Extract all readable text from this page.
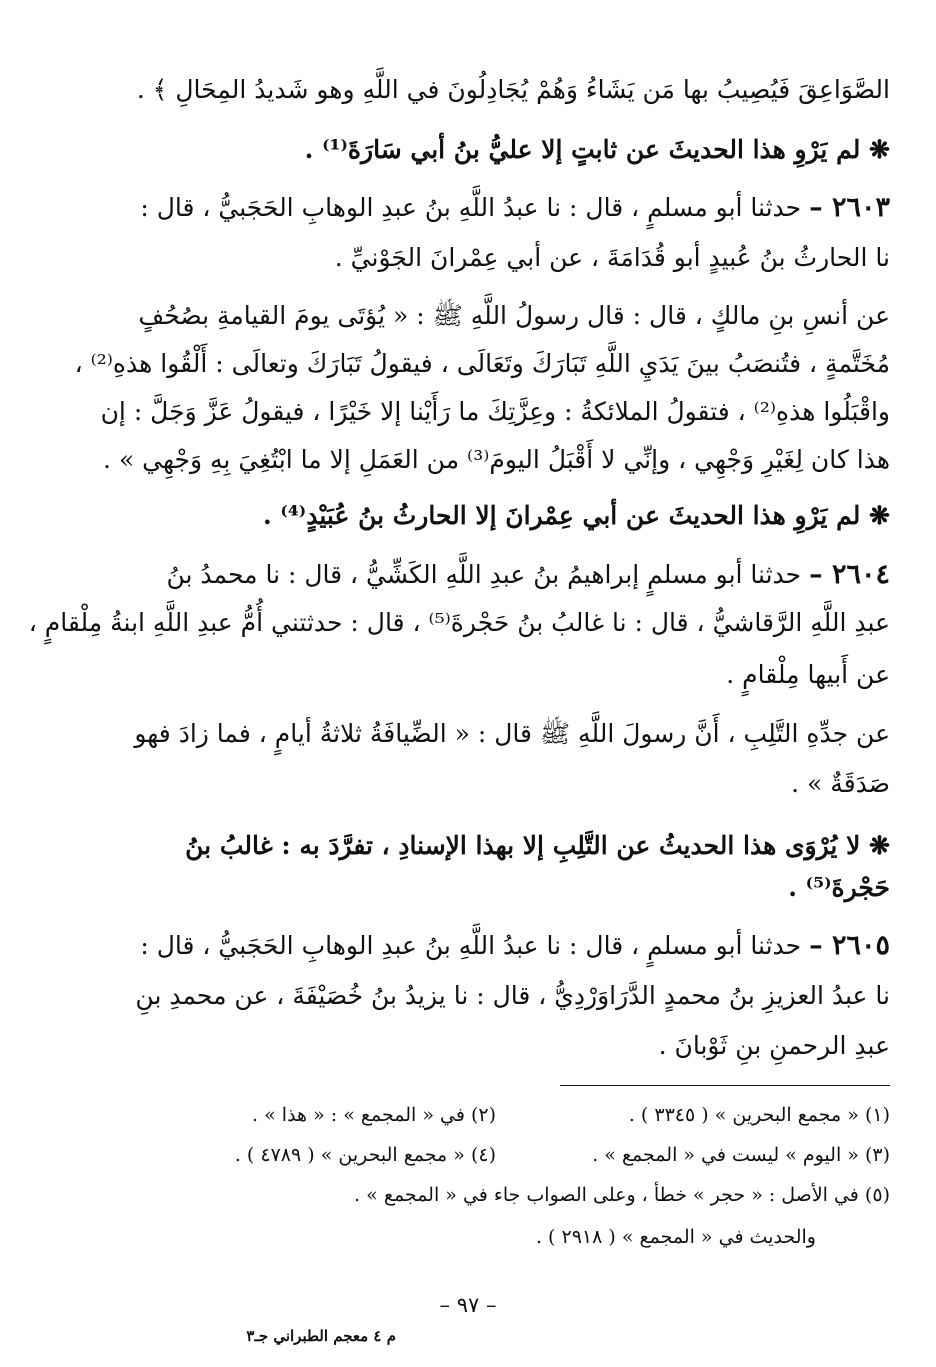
الصَّوَاعِقَ فَيُصِيبُ بها مَن يَشَاءُ وَهُمْ يُجَادِلُونَ في اللَّهِ وهو شَديدُ المِحَالِ ﴾ .

❋ لم يَرْوِ هذا الحديثَ عن ثابتٍ إلا عليُّ بنُ أبي سَارَةَ⁽¹⁾ .

٢٦٠٣ – حدثنا أبو مسلمٍ ، قال : نا عبدُ اللَّهِ بنُ عبدِ الوهابِ الحَجَبيُّ ، قال :

نا الحارثُ بنُ عُبيدٍ أبو قُدَامَةَ ، عن أبي عِمْرانَ الجَوْنيِّ .

عن أنسِ بنِ مالكٍ ، قال : قال رسولُ اللَّهِ ﷺ : « يُؤتَى يومَ القيامةِ بصُحُفٍ

مُخَتَّمةٍ ، فتُنصَبُ بينَ يَدَيِ اللَّهِ تَبَارَكَ وتَعَالَى ، فيقولُ تَبَارَكَ وتعالَى : أَلْقُوا هذهِ⁽²⁾ ،

واقْبَلُوا هذهِ⁽²⁾ ، فتقولُ الملائكةُ : وعِزَّتِكَ ما رَأَيْنا إلا خَيْرًا ، فيقولُ عَزَّ وَجَلَّ : إن

هذا كان لِغَيْرِ وَجْهِي ، وإنِّي لا أَقْبَلُ اليومَ⁽³⁾ من العَمَلِ إلا ما ابْتُغِيَ بِهِ وَجْهِي » .

❋ لم يَرْوِ هذا الحديثَ عن أبي عِمْرانَ إلا الحارثُ بنُ عُبَيْدٍ⁽⁴⁾ .

٢٦٠٤ – حدثنا أبو مسلمٍ إبراهيمُ بنُ عبدِ اللَّهِ الكَشِّيُّ ، قال : نا محمدُ بنُ

عبدِ اللَّهِ الرَّقاشيُّ ، قال : نا غالبُ بنُ حَجْرةَ⁽⁵⁾ ، قال : حدثتني أُمُّ عبدِ اللَّهِ ابنةُ مِلْقامٍ ،

عن أَبيها مِلْقامٍ .

عن جدِّهِ التَّلِبِ ، أَنَّ رسولَ اللَّهِ ﷺ قال : « الضِّيافَةُ ثلاثةُ أيامٍ ، فما زادَ فهو

صَدَقَةٌ » .

❋ لا يُرْوَى هذا الحديثُ عن التَّلِبِ إلا بهذا الإسنادِ ، تفرَّدَ به : غالبُ بنُ

حَجْرةَ⁽⁵⁾ .

٢٦٠٥ – حدثنا أبو مسلمٍ ، قال : نا عبدُ اللَّهِ بنُ عبدِ الوهابِ الحَجَبيُّ ، قال :

نا عبدُ العزيزِ بنُ محمدٍ الدَّرَاوَرْدِيُّ ، قال : نا يزيدُ بنُ خُصَيْفَةَ ، عن محمدِ بنِ

عبدِ الرحمنِ بنِ ثَوْبانَ .

(١) « مجمع البحرين » ( ٣٣٤٥ ) .
(٢) في « المجمع » : « هذا » .
(٣) « اليوم » ليست في « المجمع » .
(٤) « مجمع البحرين » ( ٤٧٨٩ ) .
(٥) في الأصل : « حجر » خطأ ، وعلى الصواب جاء في « المجمع » .
والحديث في « المجمع » ( ٢٩١٨ ) .
– ٩٧ –
م ٤ معجم الطبراني جـ٣
